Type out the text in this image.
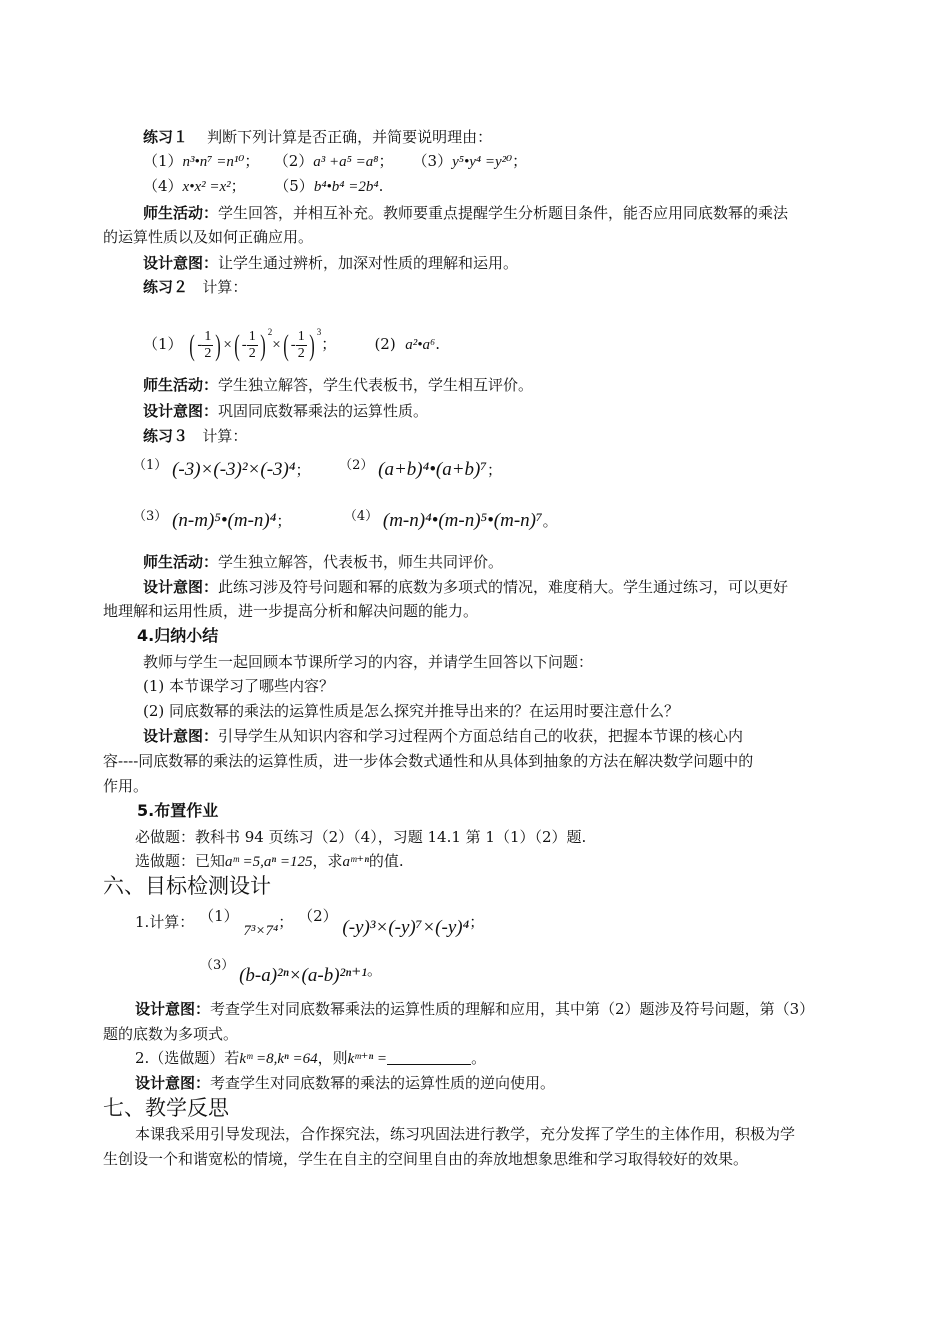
练习１ 判断下列计算是否正确，并简要说明理由：
（1）n³•n⁷ =n¹⁰； （2）a³ +a⁵ =a⁸； （3）y⁵•y⁴ =y²⁰；
（4）x•x² =x²； （5）b⁴•b⁴ =2b⁴.
师生活动：学生回答，并相互补充。教师要重点提醒学生分析题目条件，能否应用同底数幂的乘法
的运算性质以及如何正确应用。
设计意图：让学生通过辨析，加深对性质的理解和运用。
练习２ 计算：
（1） ( - $\frac{1}{2}$ ) ×( - $\frac{1}{2}$ ) $^2\times( - \frac{1}{2}$ ) $^3$；	(2) a²•a⁶.
师生活动：学生独立解答，学生代表板书，学生相互评价。
设计意图：巩固同底数幂乘法的运算性质。
练习３ 计算：
（1） (-3)×(-3)²×(-3)⁴； （2） (a+b)⁴•(a+b)⁷；
（3） (n-m)⁵•(m-n)⁴；	（4） (m-n)⁴•(m-n)⁵•(m-n)⁷。
师生活动：学生独立解答，代表板书，师生共同评价。
设计意图：此练习涉及符号问题和幂的底数为多项式的情况，难度稍大。学生通过练习，可以更好
地理解和运用性质，进一步提高分析和解决问题的能力。
4.归纳小结
教师与学生一起回顾本节课所学习的内容，并请学生回答以下问题：
(1) 本节课学习了哪些内容？
(2) 同底数幂的乘法的运算性质是怎么探究并推导出来的？在运用时要注意什么？
设计意图：引导学生从知识内容和学习过程两个方面总结自己的收获，把握本节课的核心内
容----同底数幂的乘法的运算性质，进一步体会数式通性和从具体到抽象的方法在解决数学问题中的
作用。
5.布置作业
必做题：教科书 94 页练习（2）（4），习题 14.1 第 1（1）（2）题.
选做题：已知aᵐ =5,aⁿ =125，求aᵐ⁺ⁿ的值.
六、目标检测设计
1.计算： （1） 7³×7⁴； （2） (-y)³×(-y)⁷×(-y)⁴；
（3） (b-a)²ⁿ×(a-b)²ⁿ⁺¹。
设计意图：考查学生对同底数幂乘法的运算性质的理解和应用，其中第（2）题涉及符号问题，第（3）
题的底数为多项式。
2.（选做题）若kᵐ =8,kⁿ =64，则kᵐ⁺ⁿ =	。
设计意图：考查学生对同底数幂的乘法的运算性质的逆向使用。
七、教学反思
本课我采用引导发现法，合作探究法，练习巩固法进行教学，充分发挥了学生的主体作用，积极为学
生创设一个和谐宽松的情境，学生在自主的空间里自由的奔放地想象思维和学习取得较好的效果。
